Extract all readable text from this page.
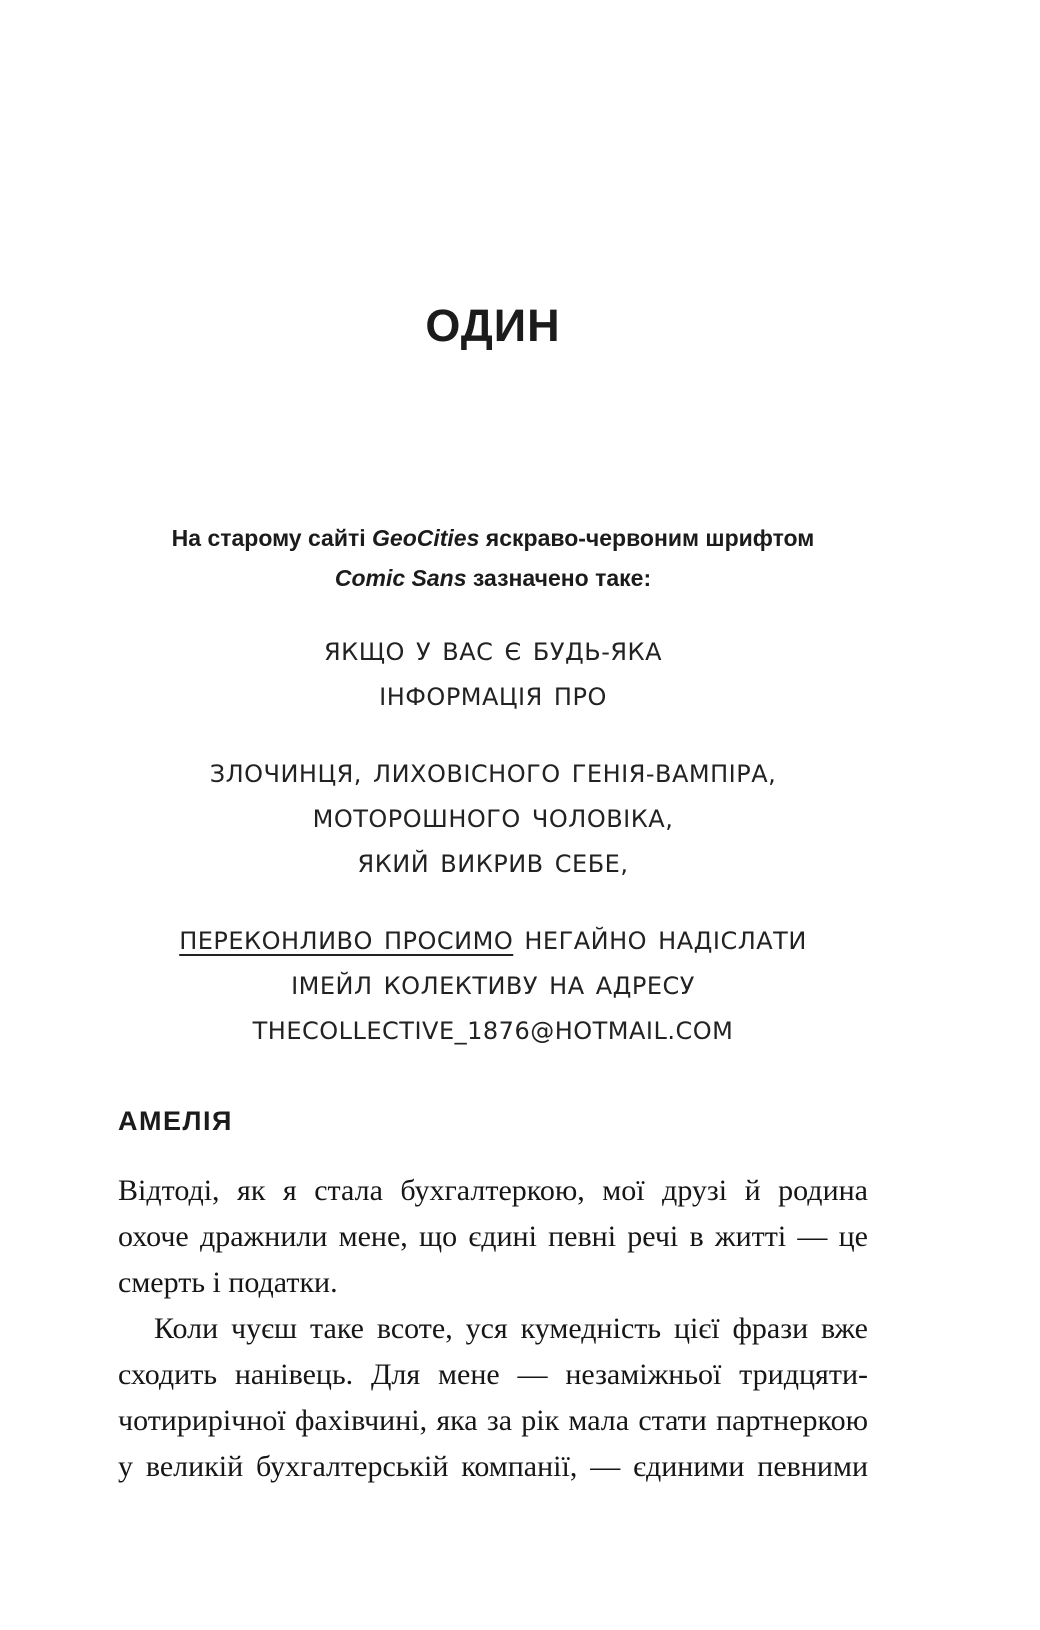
ОДИН
На старому сайті GeoCities яскраво-червоним шрифтом
Comic Sans зазначено таке:
ЯКЩО У ВАС Є БУДЬ-ЯКА
ІНФОРМАЦІЯ ПРО
ЗЛОЧИНЦЯ, ЛИХОВІСНОГО ГЕНІЯ-ВАМПІРА,
МОТОРОШНОГО ЧОЛОВІКА,
ЯКИЙ ВИКРИВ СЕБЕ,
ПЕРЕКОНЛИВО ПРОСИМО НЕГАЙНО НАДІСЛАТИ
ІМЕЙЛ КОЛЕКТИВУ НА АДРЕСУ
THECOLLECTIVE_1876@HOTMAIL.COM
АМЕЛІЯ
Відтоді, як я стала бухгалтеркою, мої друзі й родина
охоче дражнили мене, що єдині певні речі в житті — це
смерть і податки.
Коли чуєш таке всоте, уся кумедність цієї фрази вже
сходить нанівець. Для мене — незаміжньої тридцяти-
чотирирічної фахівчині, яка за рік мала стати партнеркою
у великій бухгалтерській компанії, — єдиними певними
